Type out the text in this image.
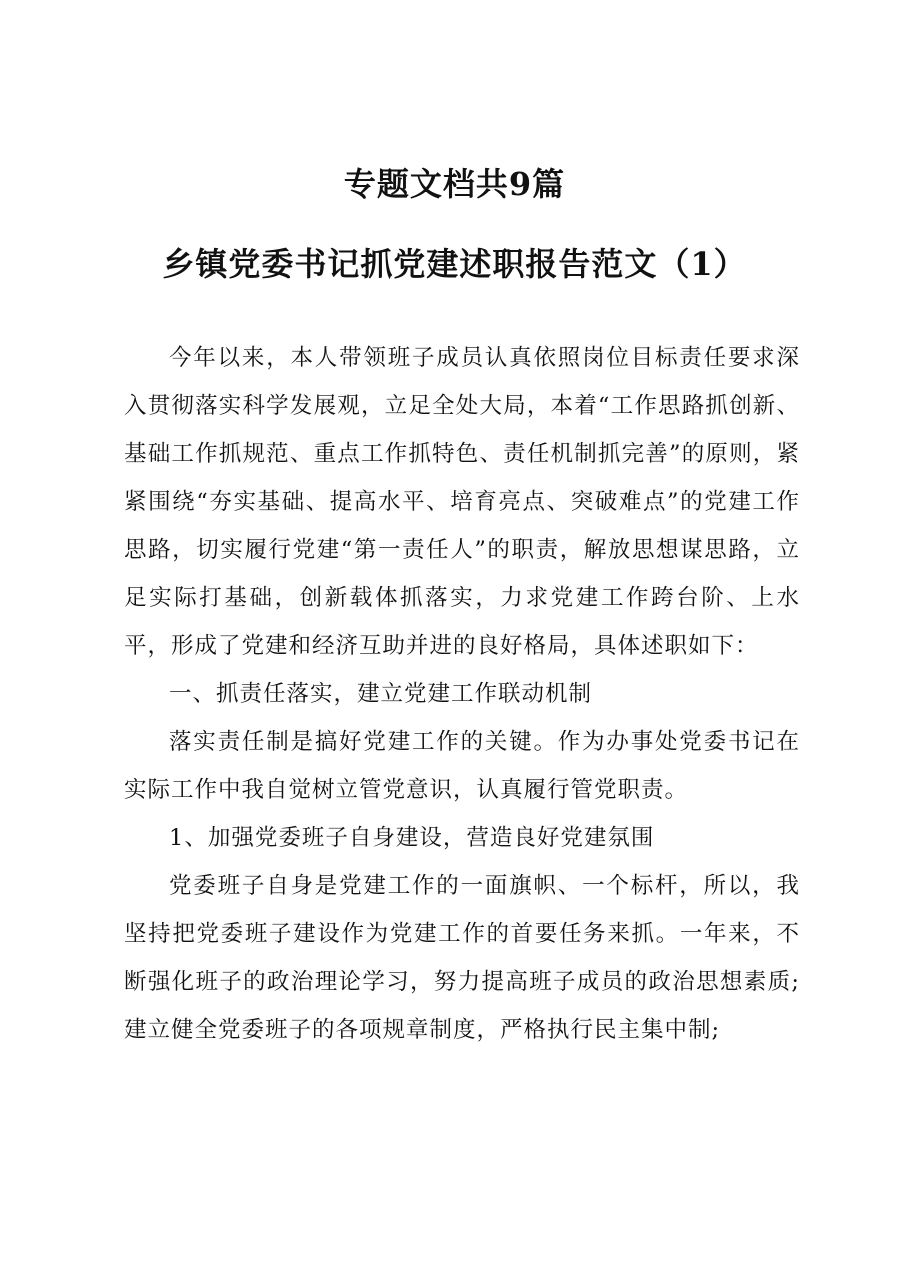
专题文档共9篇
乡镇党委书记抓党建述职报告范文（1）

今年以来，本人带领班子成员认真依照岗位目标责任要求深入贯彻落实科学发展观，立足全处大局，本着“工作思路抓创新、基础工作抓规范、重点工作抓特色、责任机制抓完善”的原则，紧紧围绕“夯实基础、提高水平、培育亮点、突破难点”的党建工作思路，切实履行党建“第一责任人”的职责，解放思想谋思路，立足实际打基础，创新载体抓落实，力求党建工作跨台阶、上水平，形成了党建和经济互助并进的良好格局，具体述职如下：

一、抓责任落实，建立党建工作联动机制

落实责任制是搞好党建工作的关键。作为办事处党委书记在实际工作中我自觉树立管党意识，认真履行管党职责。

1、加强党委班子自身建设，营造良好党建氛围

党委班子自身是党建工作的一面旗帜、一个标杆，所以，我坚持把党委班子建设作为党建工作的首要任务来抓。一年来，不断强化班子的政治理论学习，努力提高班子成员的政治思想素质;建立健全党委班子的各项规章制度，严格执行民主集中制;
